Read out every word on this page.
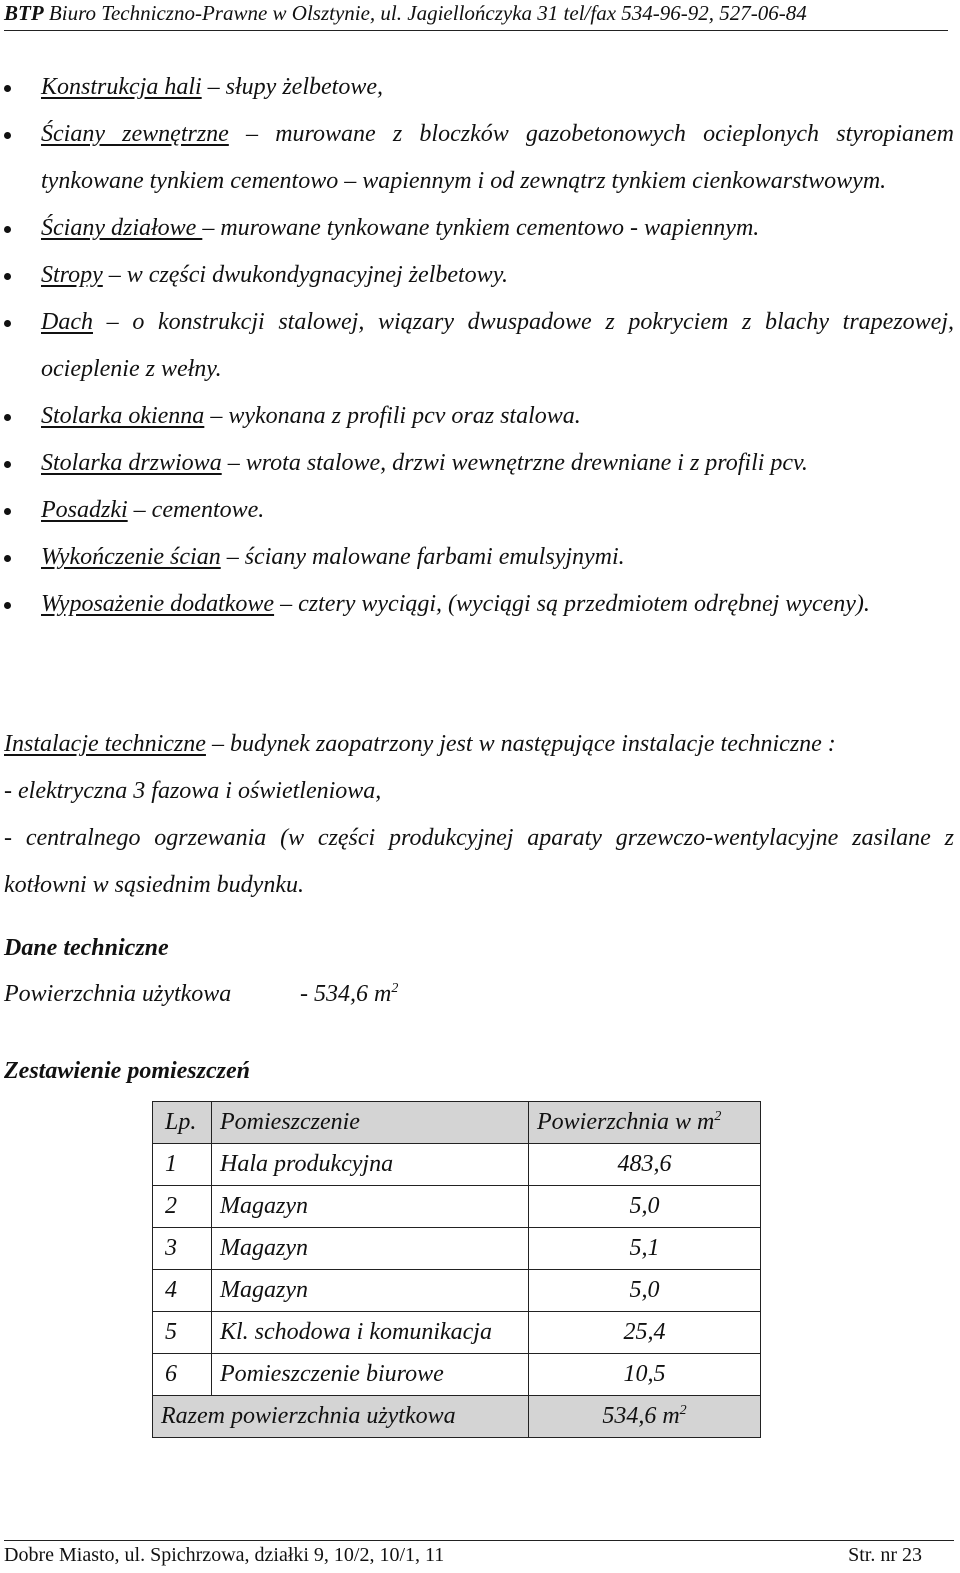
BTP Biuro Techniczno-Prawne w Olsztynie, ul. Jagiellończyka 31 tel/fax 534-96-92, 527-06-84
Konstrukcja hali – słupy żelbetowe,
Ściany zewnętrzne – murowane z bloczków gazobetonowych ocieplonych styropianem tynkowane tynkiem cementowo – wapiennym i od zewnątrz tynkiem cienkowarstwowym.
Ściany działowe – murowane tynkowane tynkiem cementowo - wapiennym.
Stropy – w części dwukondygnacyjnej żelbetowy.
Dach – o konstrukcji stalowej, wiązary dwuspadowe z pokryciem z blachy trapezowej, ocieplenie z wełny.
Stolarka okienna – wykonana z profili pcv oraz stalowa.
Stolarka drzwiowa – wrota stalowe, drzwi wewnętrzne drewniane i z profili pcv.
Posadzki – cementowe.
Wykończenie ścian – ściany malowane farbami emulsyjnymi.
Wyposażenie dodatkowe – cztery wyciągi, (wyciągi są przedmiotem odrębnej wyceny).
Instalacje techniczne – budynek zaopatrzony jest w następujące instalacje techniczne :
- elektryczna 3 fazowa i oświetleniowa,
- centralnego ogrzewania (w części produkcyjnej aparaty grzewczo-wentylacyjne zasilane z kotłowni w sąsiednim budynku.
Dane techniczne
Powierzchnia użytkowa	- 534,6 $m^2$
Zestawienie pomieszczeń
Lp.	Pomieszczenie	Powierzchnia w $m^2$
1	Hala produkcyjna	483,6
2	Magazyn	5,0
3	Magazyn	5,1
4	Magazyn	5,0
5	Kl. schodowa i komunikacja	25,4
6	Pomieszczenie biurowe	10,5
Razem powierzchnia użytkowa		534,6 $m^2$
Dobre Miasto, ul. Spichrzowa, działki 9, 10/2, 10/1, 11	Str. nr 23
